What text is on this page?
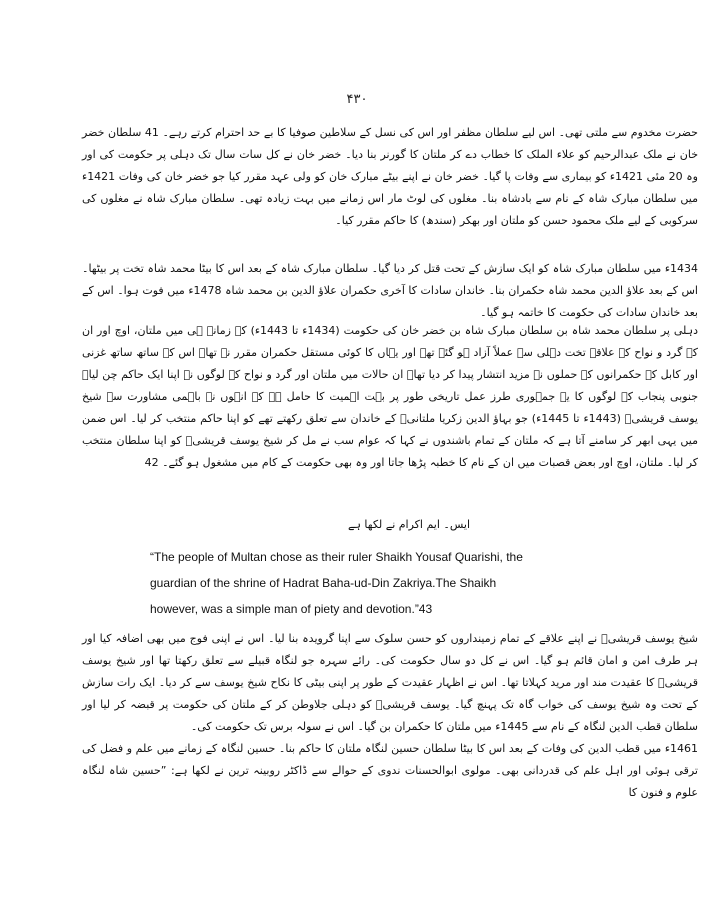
۴۳۰

حضرت مخدوم سے ملتی تھی۔ اس لیے سلطان مظفر اور اس کی نسل کے سلاطین صوفیا کا بے حد احترام کرتے رہے۔ 41 سلطان خضر خان نے ملک عبدالرحیم کو علاء الملک کا خطاب دے کر ملتان کا گورنر بنا دیا۔ خضر خان نے کل سات سال تک دہلی پر حکومت کی اور وہ 20 مئی 1421ء کو بیماری سے وفات پا گیا۔ خضر خان نے اپنے بیٹے مبارک خان کو ولی عہد مقرر کیا جو خضر خان کی وفات 1421ء میں سلطان مبارک شاہ کے نام سے بادشاہ بنا۔ مغلوں کی لوٹ مار اس زمانے میں بہت زیادہ تھی۔ سلطان مبارک شاہ نے مغلوں کی سرکوبی کے لیے ملک محمود حسن کو ملتان اور بھکر (سندھ) کا حاکم مقرر کیا۔

1434ء میں سلطان مبارک شاہ کو ایک سازش کے تحت قتل کر دیا گیا۔ سلطان مبارک شاہ کے بعد اس کا بیٹا محمد شاہ تخت پر بیٹھا۔ اس کے بعد علاؤ الدین محمد شاہ حکمران بنا۔ خاندان سادات کا آخری حکمران علاؤ الدین بن محمد شاہ 1478ء میں فوت ہوا۔ اس کے بعد خاندان سادات کی حکومت کا خاتمہ ہو گیا۔

دہلی پر سلطان محمد شاہ بن سلطان مبارک شاہ بن خضر خان کی حکومت (1434ء تا 1443ء) کے زمانے ہی میں ملتان، اوچ اور ان کے گرد و نواح کے علاقے تخت دہلی سے عملاً آزاد ہو گئے تھے اور یہاں کا کوئی مستقل حکمران مقرر نہ تھا۔ اس کے ساتھ ساتھ غزنی اور کابل کے حکمرانوں کے حملوں نے مزید انتشار پیدا کر دیا تھا۔ ان حالات میں ملتان اور گرد و نواح کے لوگوں نے اپنا ایک حاکم چن لیا۔ جنوبی پنجاب کے لوگوں کا یہ جمہوری طرز عمل تاریخی طور پر بہت اہمیت کا حامل ہے کہ انہوں نے باہمی مشاورت سے شیخ یوسف قریشیؒ (1443ء تا 1445ء) جو بہاؤ الدین زکریا ملتانیؒ کے خاندان سے تعلق رکھتے تھے کو اپنا حاکم منتخب کر لیا۔ اس ضمن میں یہی ابھر کر سامنے آتا ہے کہ ملتان کے تمام باشندوں نے کہا کہ عوام سب نے مل کر شیخ یوسف قریشیؒ کو اپنا سلطان منتخب کر لیا۔ ملتان، اوچ اور بعض قصبات میں ان کے نام کا خطبہ پڑھا جاتا اور وہ بھی حکومت کے کام میں مشغول ہو گئے۔ 42

ایس۔ ایم اکرام نے لکھا ہے

“The people of Multan chose as their ruler Shaikh Yousaf Quarishi, the guardian of the shrine of Hadrat Baha-ud-Din Zakriya.The Shaikh however, was a simple man of piety and devotion.”43

شیخ یوسف قریشیؒ نے اپنے علاقے کے تمام زمینداروں کو حسن سلوک سے اپنا گرویدہ بنا لیا۔ اس نے اپنی فوج میں بھی اضافہ کیا اور ہر طرف امن و امان قائم ہو گیا۔ اس نے کل دو سال حکومت کی۔ رائے سہرہ جو لنگاہ قبیلے سے تعلق رکھتا تھا اور شیخ یوسف قریشیؒ کا عقیدت مند اور مرید کہلاتا تھا۔ اس نے اظہار عقیدت کے طور پر اپنی بیٹی کا نکاح شیخ یوسف سے کر دیا۔ ایک رات سازش کے تحت وہ شیخ یوسف کی خواب گاہ تک پہنچ گیا۔ یوسف قریشیؒ کو دہلی جلاوطن کر کے ملتان کی حکومت پر قبضہ کر لیا اور سلطان قطب الدین لنگاہ کے نام سے 1445ء میں ملتان کا حکمران بن گیا۔ اس نے سولہ برس تک حکومت کی۔

1461ء میں قطب الدین کی وفات کے بعد اس کا بیٹا سلطان حسین لنگاہ ملتان کا حاکم بنا۔ حسین لنگاہ کے زمانے میں علم و فضل کی ترقی ہوئی اور اہل علم کی قدردانی بھی۔ مولوی ابوالحسنات ندوی کے حوالے سے ڈاکٹر روبینہ ترین نے لکھا ہے: ”حسین شاہ لنگاہ علوم و فنون کا
